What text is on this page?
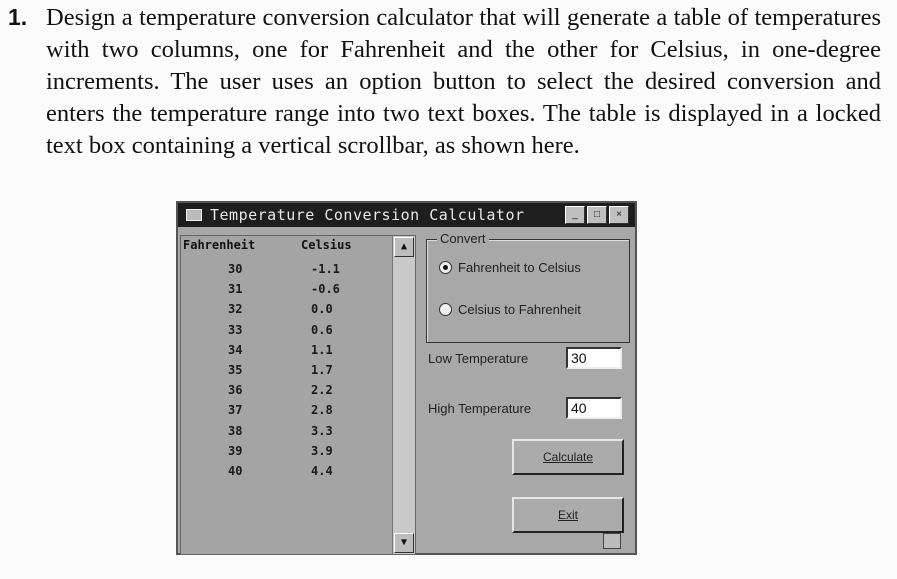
1. Design a temperature conversion calculator that will generate a table of temperatures with two columns, one for Fahrenheit and the other for Celsius, in one-degree increments. The user uses an option button to select the desired conversion and enters the temperature range into two text boxes. The table is displayed in a locked text box containing a vertical scrollbar, as shown here.

Temperature Conversion Calculator	_	□	×
Fahrenheit	Celsius
30	-1.1
31	-0.6
32	0.0
33	0.6
34	1.1
35	1.7
36	2.2
37	2.8
38	3.3
39	3.9
40	4.4
▲
▼
Convert
Fahrenheit to Celsius
Celsius to Fahrenheit
Low Temperature	30
High Temperature	40
Calculate
Exit
